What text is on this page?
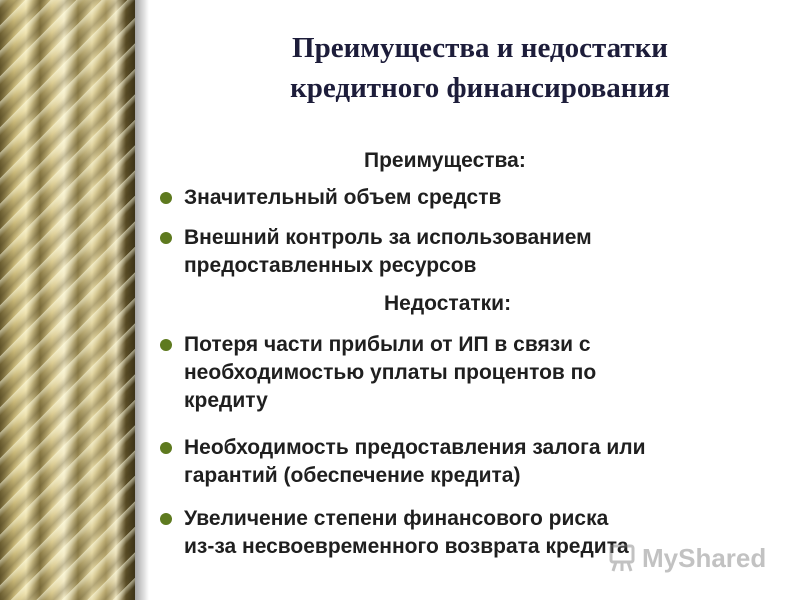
Преимущества и недостатки
кредитного финансирования
Преимущества:
Значительный объем средств
Внешний контроль за использованием
предоставленных ресурсов
Недостатки:
Потеря части прибыли от ИП в связи с
необходимостью уплаты процентов по
кредиту
Необходимость предоставления залога или
гарантий (обеспечение кредита)
Увеличение степени финансового риска
из-за несвоевременного возврата кредита MyShared
